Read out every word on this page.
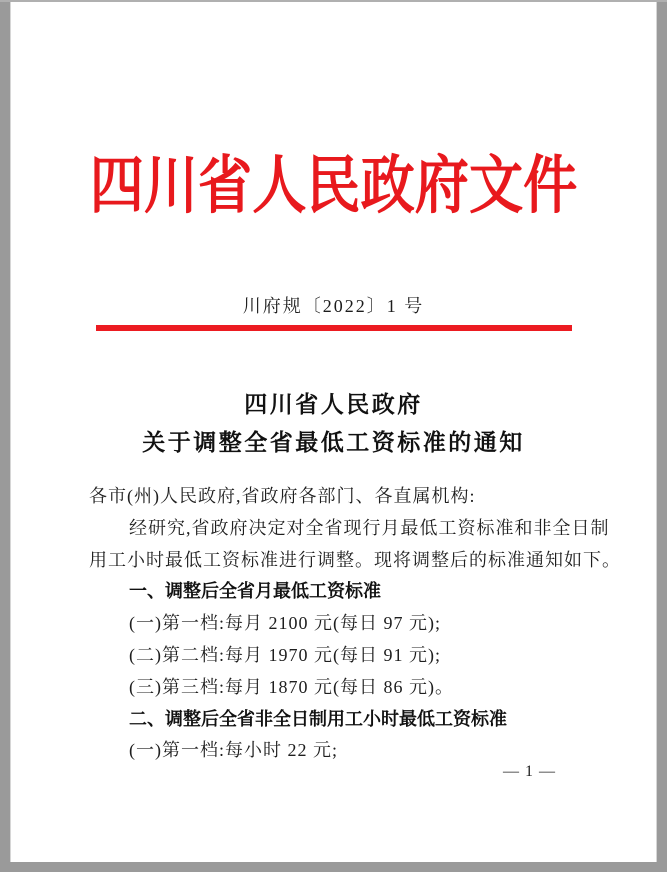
四川省人民政府文件
川府规〔2022〕1 号
四川省人民政府
关于调整全省最低工资标准的通知
各市(州)人民政府,省政府各部门、各直属机构:
经研究,省政府决定对全省现行月最低工资标准和非全日制
用工小时最低工资标准进行调整。现将调整后的标准通知如下。
一、调整后全省月最低工资标准
(一)第一档:每月 2100 元(每日 97 元);
(二)第二档:每月 1970 元(每日 91 元);
(三)第三档:每月 1870 元(每日 86 元)。
二、调整后全省非全日制用工小时最低工资标准
(一)第一档:每小时 22 元;
— 1 —
